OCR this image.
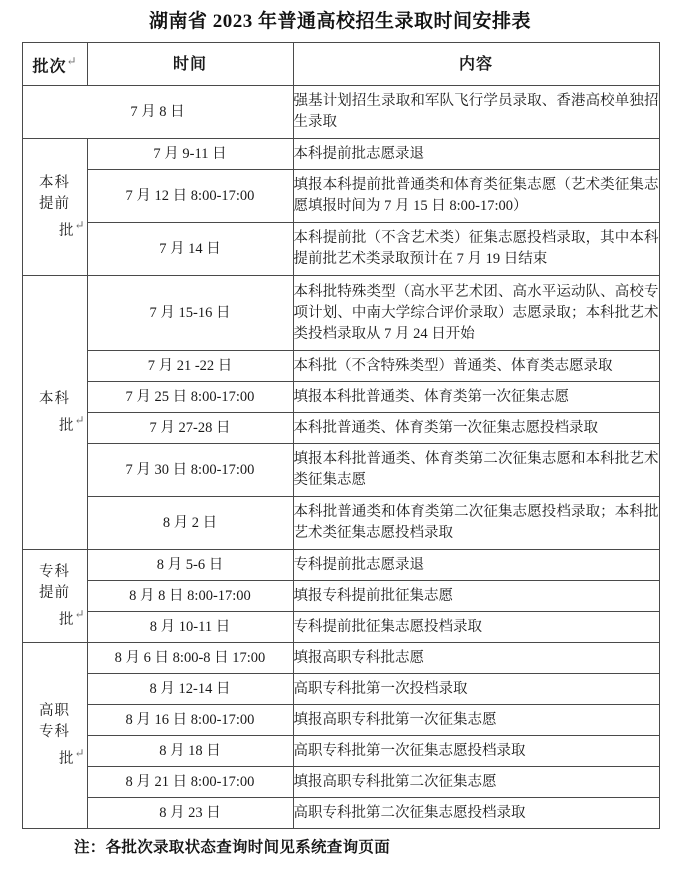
湖南省 2023 年普通高校招生录取时间安排表
批次↵	时间	内容
7 月 8 日		强基计划招生录取和军队飞行学员录取、香港高校单独招生录取

本科
提前
批↵	7 月 9-11 日	本科提前批志愿录退
	7 月 12 日 8:00-17:00	填报本科提前批普通类和体育类征集志愿（艺术类征集志愿填报时间为 7 月 15 日 8:00-17:00）
	7 月 14 日	本科提前批（不含艺术类）征集志愿投档录取，其中本科提前批艺术类录取预计在 7 月 19 日结束

本科
批↵	7 月 15-16 日	本科批特殊类型（高水平艺术团、高水平运动队、高校专项计划、中南大学综合评价录取）志愿录取；本科批艺术类投档录取从 7 月 24 日开始
	7 月 21 -22 日	本科批（不含特殊类型）普通类、体育类志愿录取
	7 月 25 日 8:00-17:00	填报本科批普通类、体育类第一次征集志愿
	7 月 27-28 日	本科批普通类、体育类第一次征集志愿投档录取
	7 月 30 日 8:00-17:00	填报本科批普通类、体育类第二次征集志愿和本科批艺术类征集志愿
	8 月 2 日	本科批普通类和体育类第二次征集志愿投档录取；本科批艺术类征集志愿投档录取

专科
提前
批↵	8 月 5-6 日	专科提前批志愿录退
	8 月 8 日 8:00-17:00	填报专科提前批征集志愿
	8 月 10-11 日	专科提前批征集志愿投档录取

高职
专科
批↵	8 月 6 日 8:00-8 日 17:00	填报高职专科批志愿
	8 月 12-14 日	高职专科批第一次投档录取
	8 月 16 日 8:00-17:00	填报高职专科批第一次征集志愿
	8 月 18 日	高职专科批第一次征集志愿投档录取
	8 月 21 日 8:00-17:00	填报高职专科批第二次征集志愿
	8 月 23 日	高职专科批第二次征集志愿投档录取

注：各批次录取状态查询时间见系统查询页面
